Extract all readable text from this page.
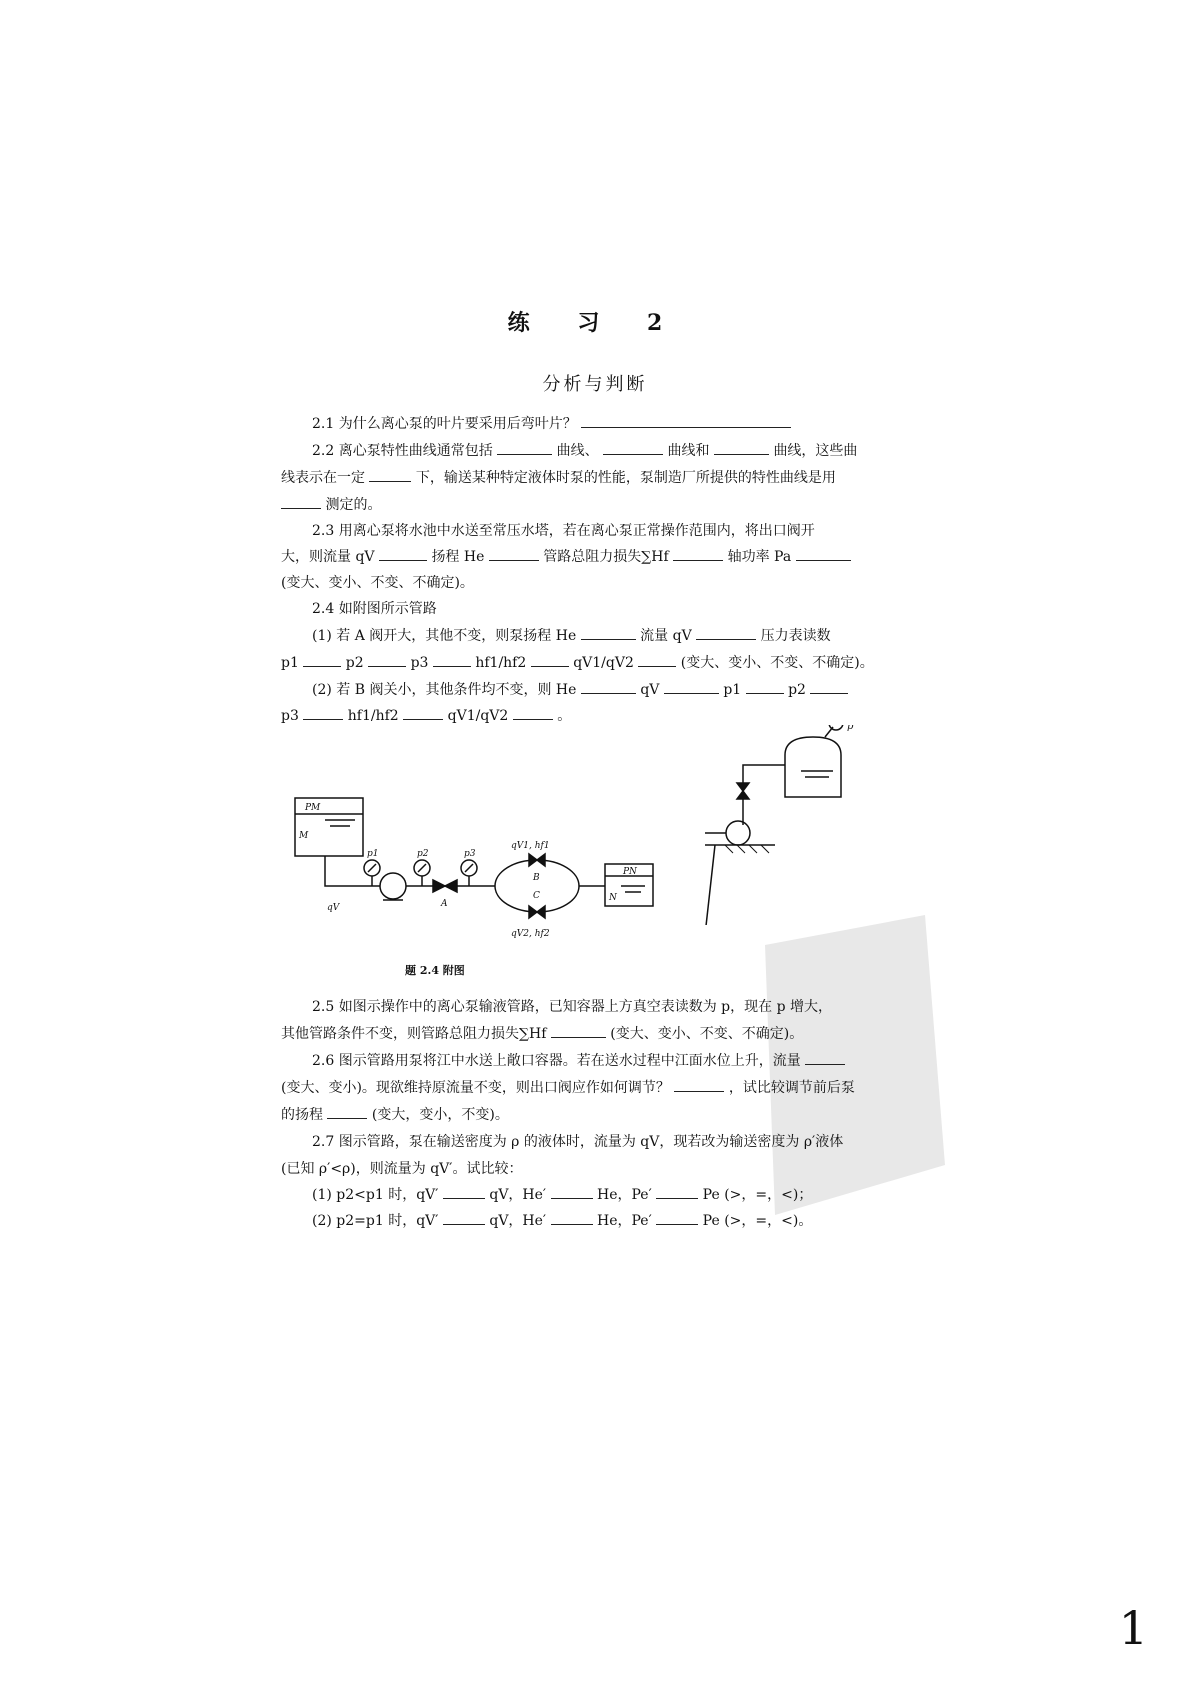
练 习 2
分析与判断
2.1 为什么离心泵的叶片要采用后弯叶片？
2.2 离心泵特性曲线通常包括	曲线、	曲线和	曲线，这些曲
线表示在一定	下，输送某种特定液体时泵的性能，泵制造厂所提供的特性曲线是用
测定的。
2.3 用离心泵将水池中水送至常压水塔，若在离心泵正常操作范围内，将出口阀开
大，则流量 qV	扬程 He	管路总阻力损失∑Hf	轴功率 Pa
(变大、变小、不变、不确定)。
2.4 如附图所示管路
(1) 若 A 阀开大，其他不变，则泵扬程 He	流量 qV	压力表读数
p1	p2	p3	hf1/hf2	qV1/qV2	(变大、变小、不变、不确定)。
(2) 若 B 阀关小，其他条件均不变，则 He	qV	p1	p2
p3	hf1/hf2	qV1/qV2	。
PM
M
p1	p2	p3
qV1, hf1
qV2, hf2
B
C
A
qV
PN
N
p
题 2.4 附图
2.5 如图示操作中的离心泵输液管路，已知容器上方真空表读数为 p，现在 p 增大，
其他管路条件不变，则管路总阻力损失∑Hf	(变大、变小、不变、不确定)。
2.6 图示管路用泵将江中水送上敞口容器。若在送水过程中江面水位上升，流量
(变大、变小)。现欲维持原流量不变，则出口阀应作如何调节？	，试比较调节前后泵
的扬程	(变大，变小，不变)。
2.7 图示管路，泵在输送密度为 ρ 的液体时，流量为 qV，现若改为输送密度为 ρ′液体
(已知 ρ′<ρ)，则流量为 qV′。试比较：
(1) p2<p1 时，qV′	qV，He′	He，Pe′	Pe (>，=，<)；
(2) p2=p1 时，qV′	qV，He′	He，Pe′	Pe (>，=，<)。
1
